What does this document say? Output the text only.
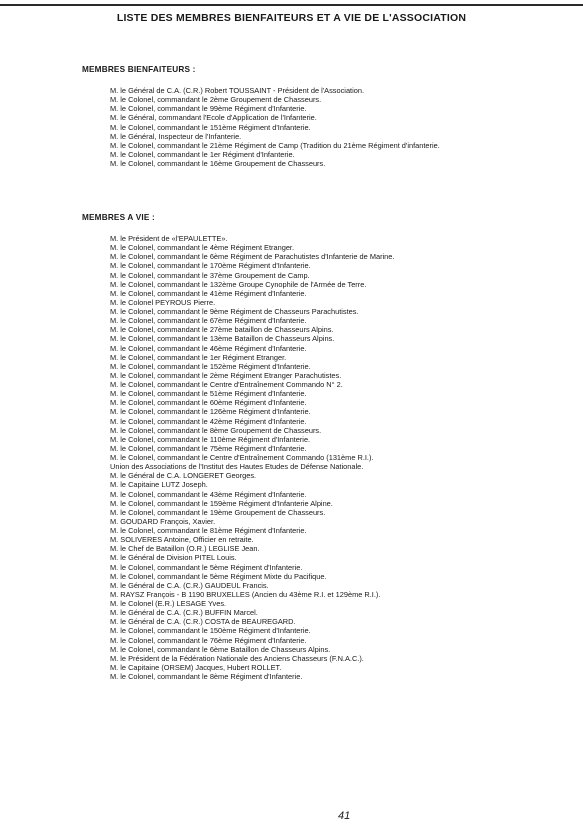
LISTE DES MEMBRES BIENFAITEURS ET A VIE DE L'ASSOCIATION
MEMBRES BIENFAITEURS :
M. le Général de C.A. (C.R.) Robert TOUSSAINT - Président de l'Association.
M. le Colonel, commandant le 2ème Groupement de Chasseurs.
M. le Colonel, commandant le 99ème Régiment d'Infanterie.
M. le Général, commandant l'Ecole d'Application de l'Infanterie.
M. le Colonel, commandant le 151ème Régiment d'Infanterie.
M. le Général, Inspecteur de l'Infanterie.
M. le Colonel, commandant le 21ème Régiment de Camp (Tradition du 21ème Régiment d'infanterie.
M. le Colonel, commandant le 1er Régiment d'Infanterie.
M. le Colonel, commandant le 16ème Groupement de Chasseurs.
MEMBRES A VIE :
M. le Président de «l'EPAULETTE».
M. le Colonel, commandant le 4ème Régiment Etranger.
M. le Colonel, commandant le 6ème Régiment de Parachutistes d'Infanterie de Marine.
M. le Colonel, commandant le 170ème Régiment d'Infanterie.
M. le Colonel, commandant le 37ème Groupement de Camp.
M. le Colonel, commandant le 132ème Groupe Cynophile de l'Armée de Terre.
M. le Colonel, commandant le 41ème Régiment d'Infanterie.
M. le Colonel PEYROUS Pierre.
M. le Colonel, commandant le 9ème Régiment de Chasseurs Parachutistes.
M. le Colonel, commandant le 67ème Régiment d'Infanterie.
M. le Colonel, commandant le 27ème bataillon de Chasseurs Alpins.
M. le Colonel, commandant le 13ème Bataillon de Chasseurs Alpins.
M. le Colonel, commandant le 46ème Régiment d'Infanterie.
M. le Colonel, commandant le 1er Régiment Etranger.
M. le Colonel, commandant le 152ème Régiment d'Infanterie.
M. le Colonel, commandant le 2ème Régiment Etranger Parachutistes.
M. le Colonel, commandant le Centre d'Entraînement Commando N° 2.
M. le Colonel, commandant le 51ème Régiment d'Infanterie.
M. le Colonel, commandant le 60ème Régiment d'Infanterie.
M. le Colonel, commandant le 126ème Régiment d'Infanterie.
M. le Colonel, commandant le 42ème Régiment d'Infanterie.
M. le Colonel, commandant le 8ème Groupement de Chasseurs.
M. le Colonel, commandant le 110ème Régiment d'Infanterie.
M. le Colonel, commandant le 75ème Régiment d'Infanterie.
M. le Colonel, commandant le Centre d'Entraînement Commando (131ème R.I.).
Union des Associations de l'Institut des Hautes Etudes de Défense Nationale.
M. le Général de C.A. LONGERET Georges.
M. le Capitaine LUTZ Joseph.
M. le Colonel, commandant le 43ème Régiment d'Infanterie.
M. le Colonel, commandant le 159ème Régiment d'Infanterie Alpine.
M. le Colonel, commandant le 19ème Groupement de Chasseurs.
M. GOUDARD François, Xavier.
M. le Colonel, commandant le 81ème Régiment d'Infanterie.
M. SOLIVERES Antoine, Officier en retraite.
M. le Chef de Bataillon (O.R.) LEGLISE Jean.
M. le Général de Division PITEL Louis.
M. le Colonel, commandant le 5ème Régiment d'Infanterie.
M. le Colonel, commandant le 5ème Régiment Mixte du Pacifique.
M. le Général de C.A. (C.R.) GAUDEUL Francis.
M. RAYSZ François - B 1190 BRUXELLES (Ancien du 43ème R.I. et 129ème R.I.).
M. le Colonel (E.R.) LESAGE Yves.
M. le Général de C.A. (C.R.) BUFFIN Marcel.
M. le Général de C.A. (C.R.) COSTA de BEAUREGARD.
M. le Colonel, commandant le 150ème Régiment d'Infanterie.
M. le Colonel, commandant le 76ème Régiment d'Infanterie.
M. le Colonel, commandant le 6ème Bataillon de Chasseurs Alpins.
M. le Président de la Fédération Nationale des Anciens Chasseurs (F.N.A.C.).
M. le Capitaine (ORSEM) Jacques, Hubert ROLLET.
M. le Colonel, commandant le 8ème Régiment d'Infanterie.
41
